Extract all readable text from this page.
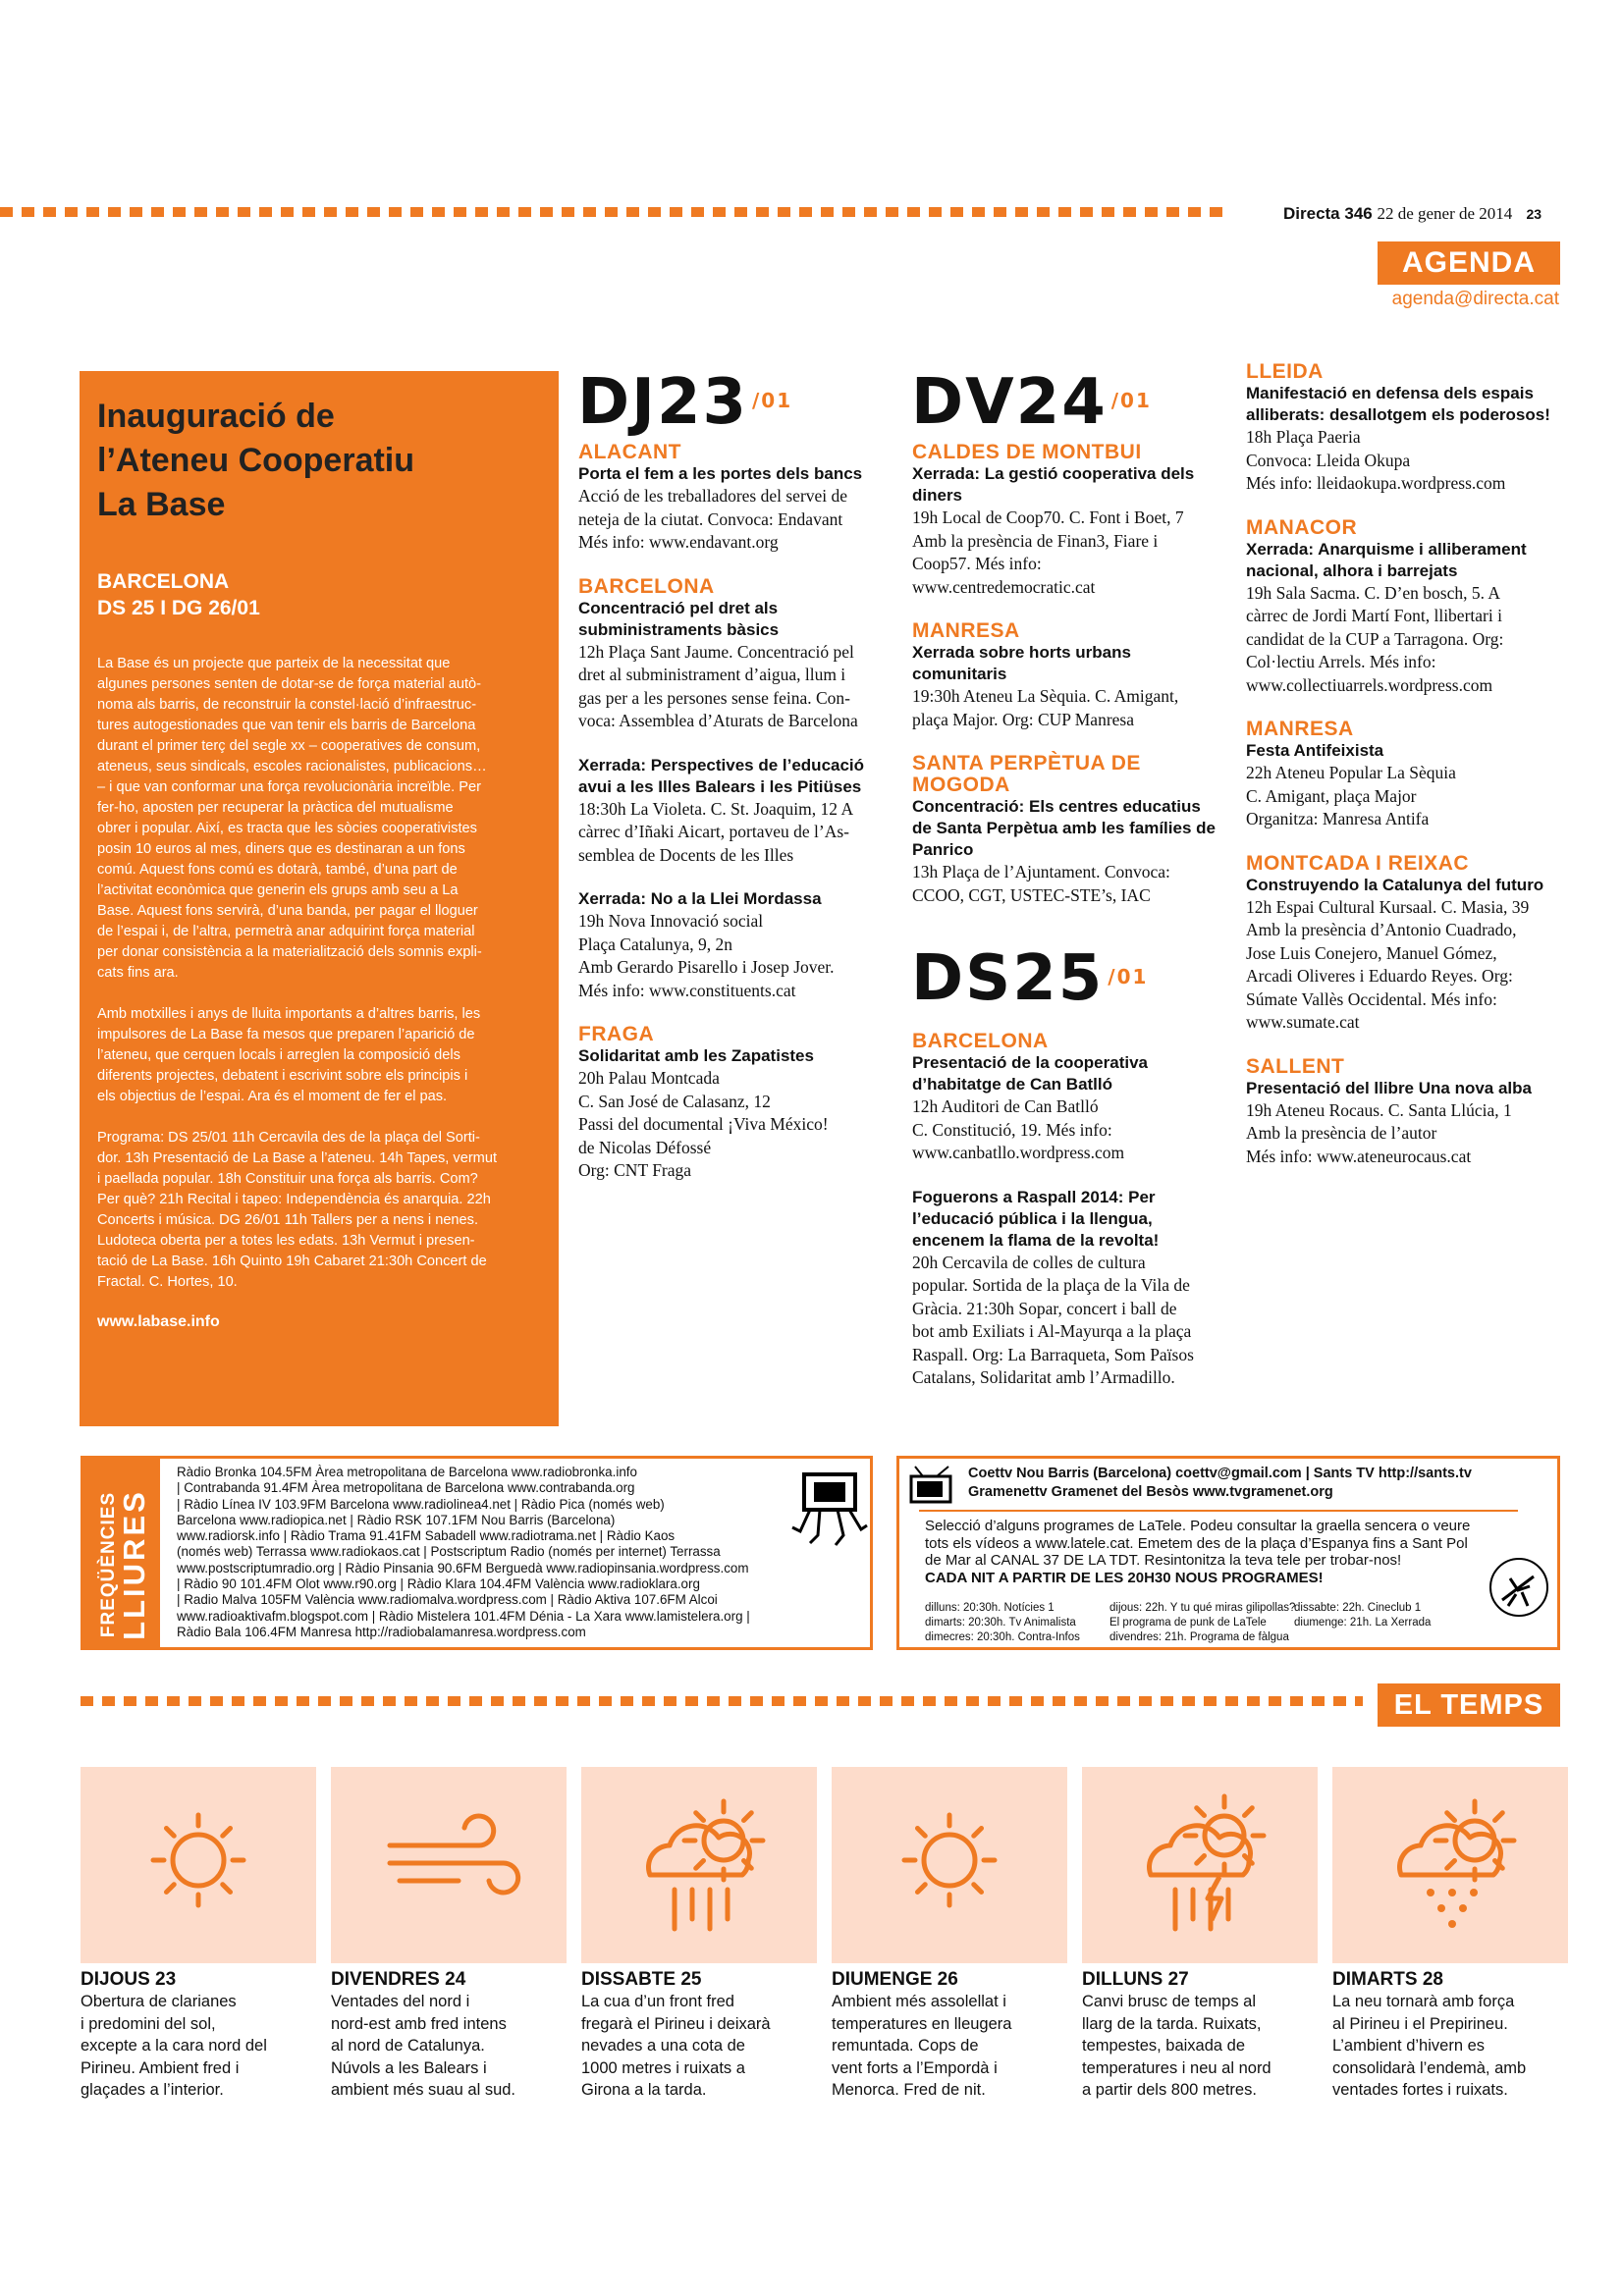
Directa 346 22 de gener de 2014 23
AGENDA
agenda@directa.cat
Inauguració de
l’Ateneu Cooperatiu
La Base
BARCELONA
DS 25 I DG 26/01
La Base és un projecte que parteix de la necessitat que
algunes persones senten de dotar-se de força material autò-
noma als barris, de reconstruir la constel·lació d’infraestruc-
tures autogestionades que van tenir els barris de Barcelona
durant el primer terç del segle xx – cooperatives de consum,
ateneus, seus sindicals, escoles racionalistes, publicacions…
– i que van conformar una força revolucionària increïble. Per
fer-ho, aposten per recuperar la pràctica del mutualisme
obrer i popular. Així, es tracta que les sòcies cooperativistes
posin 10 euros al mes, diners que es destinaran a un fons
comú. Aquest fons comú es dotarà, també, d’una part de
l’activitat econòmica que generin els grups amb seu a La
Base. Aquest fons servirà, d’una banda, per pagar el lloguer
de l’espai i, de l’altra, permetrà anar adquirint força material
per donar consistència a la materialització dels somnis expli-
cats fins ara.

Amb motxilles i anys de lluita importants a d’altres barris, les
impulsores de La Base fa mesos que preparen l’aparició de
l’ateneu, que cerquen locals i arreglen la composició dels
diferents projectes, debatent i escrivint sobre els principis i
els objectius de l’espai. Ara és el moment de fer el pas.

Programa: DS 25/01 11h Cercavila des de la plaça del Sorti-
dor. 13h Presentació de La Base a l’ateneu. 14h Tapes, vermut
i paellada popular. 18h Constituir una força als barris. Com?
Per què? 21h Recital i tapeo: Independència és anarquia. 22h
Concerts i música. DG 26/01 11h Tallers per a nens i nenes.
Ludoteca oberta per a totes les edats. 13h Vermut i presen-
tació de La Base. 16h Quinto 19h Cabaret 21:30h Concert de
Fractal. C. Hortes, 10.
www.labase.info
DJ23 $^{/01}$ DV24 $^{/01}$
DS25 $^{/01}$
ALACANT
Porta el fem a les portes dels bancs
Acció de les treballadores del servei de
neteja de la ciutat. Convoca: Endavant
Més info: www.endavant.org
BARCELONA
Concentració pel dret als subministraments bàsics
12h Plaça Sant Jaume. Concentració pel
dret al subministrament d’aigua, llum i
gas per a les persones sense feina. Con-
voca: Assemblea d’Aturats de Barcelona
Xerrada: Perspectives de l’educació avui a les Illes Balears i les Pitiüses
18:30h La Violeta. C. St. Joaquim, 12 A
càrrec d’Iñaki Aicart, portaveu de l’As-
semblea de Docents de les Illes
Xerrada: No a la Llei Mordassa
19h Nova Innovació social
Plaça Catalunya, 9, 2n
Amb Gerardo Pisarello i Josep Jover.
Més info: www.constituents.cat
FRAGA
Solidaritat amb les Zapatistes
20h Palau Montcada
C. San José de Calasanz, 12
Passi del documental ¡Viva México!
de Nicolas Défossé
Org: CNT Fraga
CALDES DE MONTBUI
Xerrada: La gestió cooperativa dels diners
19h Local de Coop70. C. Font i Boet, 7
Amb la presència de Finan3, Fiare i
Coop57. Més info:
www.centredemocratic.cat
MANRESA
Xerrada sobre horts urbans comunitaris
19:30h Ateneu La Sèquia. C. Amigant,
plaça Major. Org: CUP Manresa
SANTA PERPÈTUA DE MOGODA
Concentració: Els centres educatius de Santa Perpètua amb les famílies de Panrico
13h Plaça de l’Ajuntament. Convoca:
CCOO, CGT, USTEC-STE’s, IAC
BARCELONA
Presentació de la cooperativa d’habitatge de Can Batlló
12h Auditori de Can Batlló
C. Constitució, 19. Més info:
www.canbatllo.wordpress.com
Foguerons a Raspall 2014: Per l’educació pública i la llengua, encenem la flama de la revolta!
20h Cercavila de colles de cultura
popular. Sortida de la plaça de la Vila de
Gràcia. 21:30h Sopar, concert i ball de
bot amb Exiliats i Al-Mayurqa a la plaça
Raspall. Org: La Barraqueta, Som Països
Catalans, Solidaritat amb l’Armadillo.
LLEIDA
Manifestació en defensa dels espais alliberats: desallotgem els poderosos!
18h Plaça Paeria
Convoca: Lleida Okupa
Més info: lleidaokupa.wordpress.com
MANACOR
Xerrada: Anarquisme i alliberament nacional, alhora i barrejats
19h Sala Sacma. C. D’en bosch, 5. A
càrrec de Jordi Martí Font, llibertari i
candidat de la CUP a Tarragona. Org:
Col·lectiu Arrels. Més info:
www.collectiuarrels.wordpress.com
MANRESA
Festa Antifeixista
22h Ateneu Popular La Sèquia
C. Amigant, plaça Major
Organitza: Manresa Antifa
MONTCADA I REIXAC
Construyendo la Catalunya del futuro
12h Espai Cultural Kursaal. C. Masia, 39
Amb la presència d’Antonio Cuadrado,
Jose Luis Conejero, Manuel Gómez,
Arcadi Oliveres i Eduardo Reyes. Org:
Súmate Vallès Occidental. Més info:
www.sumate.cat
SALLENT
Presentació del llibre Una nova alba
19h Ateneu Rocaus. C. Santa Llúcia, 1
Amb la presència de l’autor
Més info: www.ateneurocaus.cat
FREQÜÈNCIES
LLIURES
Ràdio Bronka 104.5FM Àrea metropolitana de Barcelona www.radiobronka.info
| Contrabanda 91.4FM Àrea metropolitana de Barcelona www.contrabanda.org
| Ràdio Línea IV 103.9FM Barcelona www.radiolinea4.net | Ràdio Pica (només web)
Barcelona www.radiopica.net | Ràdio RSK 107.1FM Nou Barris (Barcelona)
www.radiorsk.info | Ràdio Trama 91.41FM Sabadell www.radiotrama.net | Ràdio Kaos
(només web) Terrassa www.radiokaos.cat | Postscriptum Radio (només per internet) Terrassa
www.postscriptumradio.org | Ràdio Pinsania 90.6FM Berguedà www.radiopinsania.wordpress.com
| Ràdio 90 101.4FM Olot www.r90.org | Ràdio Klara 104.4FM València www.radioklara.org
| Radio Malva 105FM València www.radiomalva.wordpress.com | Ràdio Aktiva 107.6FM Alcoi
www.radioaktivafm.blogspot.com | Ràdio Mistelera 101.4FM Dénia - La Xara www.lamistelera.org |
Ràdio Bala 106.4FM Manresa http://radiobalamanresa.wordpress.com
Coettv Nou Barris (Barcelona) coettv@gmail.com | Sants TV http://sants.tv
Gramenettv Gramenet del Besòs www.tvgramenet.org
Selecció d’alguns programes de LaTele. Podeu consultar la graella sencera o veure
tots els vídeos a www.latele.cat. Emetem des de la plaça d’Espanya fins a Sant Pol
de Mar al CANAL 37 DE LA TDT. Resintonitza la teva tele per trobar-nos!
CADA NIT A PARTIR DE LES 20H30 NOUS PROGRAMES!
dilluns: 20:30h. Notícies 1
dimarts: 20:30h. Tv Animalista
dimecres: 20:30h. Contra-Infos
dijous: 22h. Y tu qué miras gilipollas?
El programa de punk de LaTele
divendres: 21h. Programa de fàlgua
dissabte: 22h. Cineclub 1
diumenge: 21h. La Xerrada
EL TEMPS
DIJOUS 23
Obertura de clarianes
i predomini del sol,
excepte a la cara nord del
Pirineu. Ambient fred i
glaçades a l’interior.
DIVENDRES 24
Ventades del nord i
nord-est amb fred intens
al nord de Catalunya.
Núvols a les Balears i
ambient més suau al sud.
DISSABTE 25
La cua d’un front fred
fregarà el Pirineu i deixarà
nevades a una cota de
1000 metres i ruixats a
Girona a la tarda.
DIUMENGE 26
Ambient més assolellat i
temperatures en lleugera
remuntada. Cops de
vent forts a l’Empordà i
Menorca. Fred de nit.
DILLUNS 27
Canvi brusc de temps al
llarg de la tarda. Ruixats,
tempestes, baixada de
temperatures i neu al nord
a partir dels 800 metres.
DIMARTS 28
La neu tornarà amb força
al Pirineu i el Prepirineu.
L’ambient d’hivern es
consolidarà l’endemà, amb
ventades fortes i ruixats.
